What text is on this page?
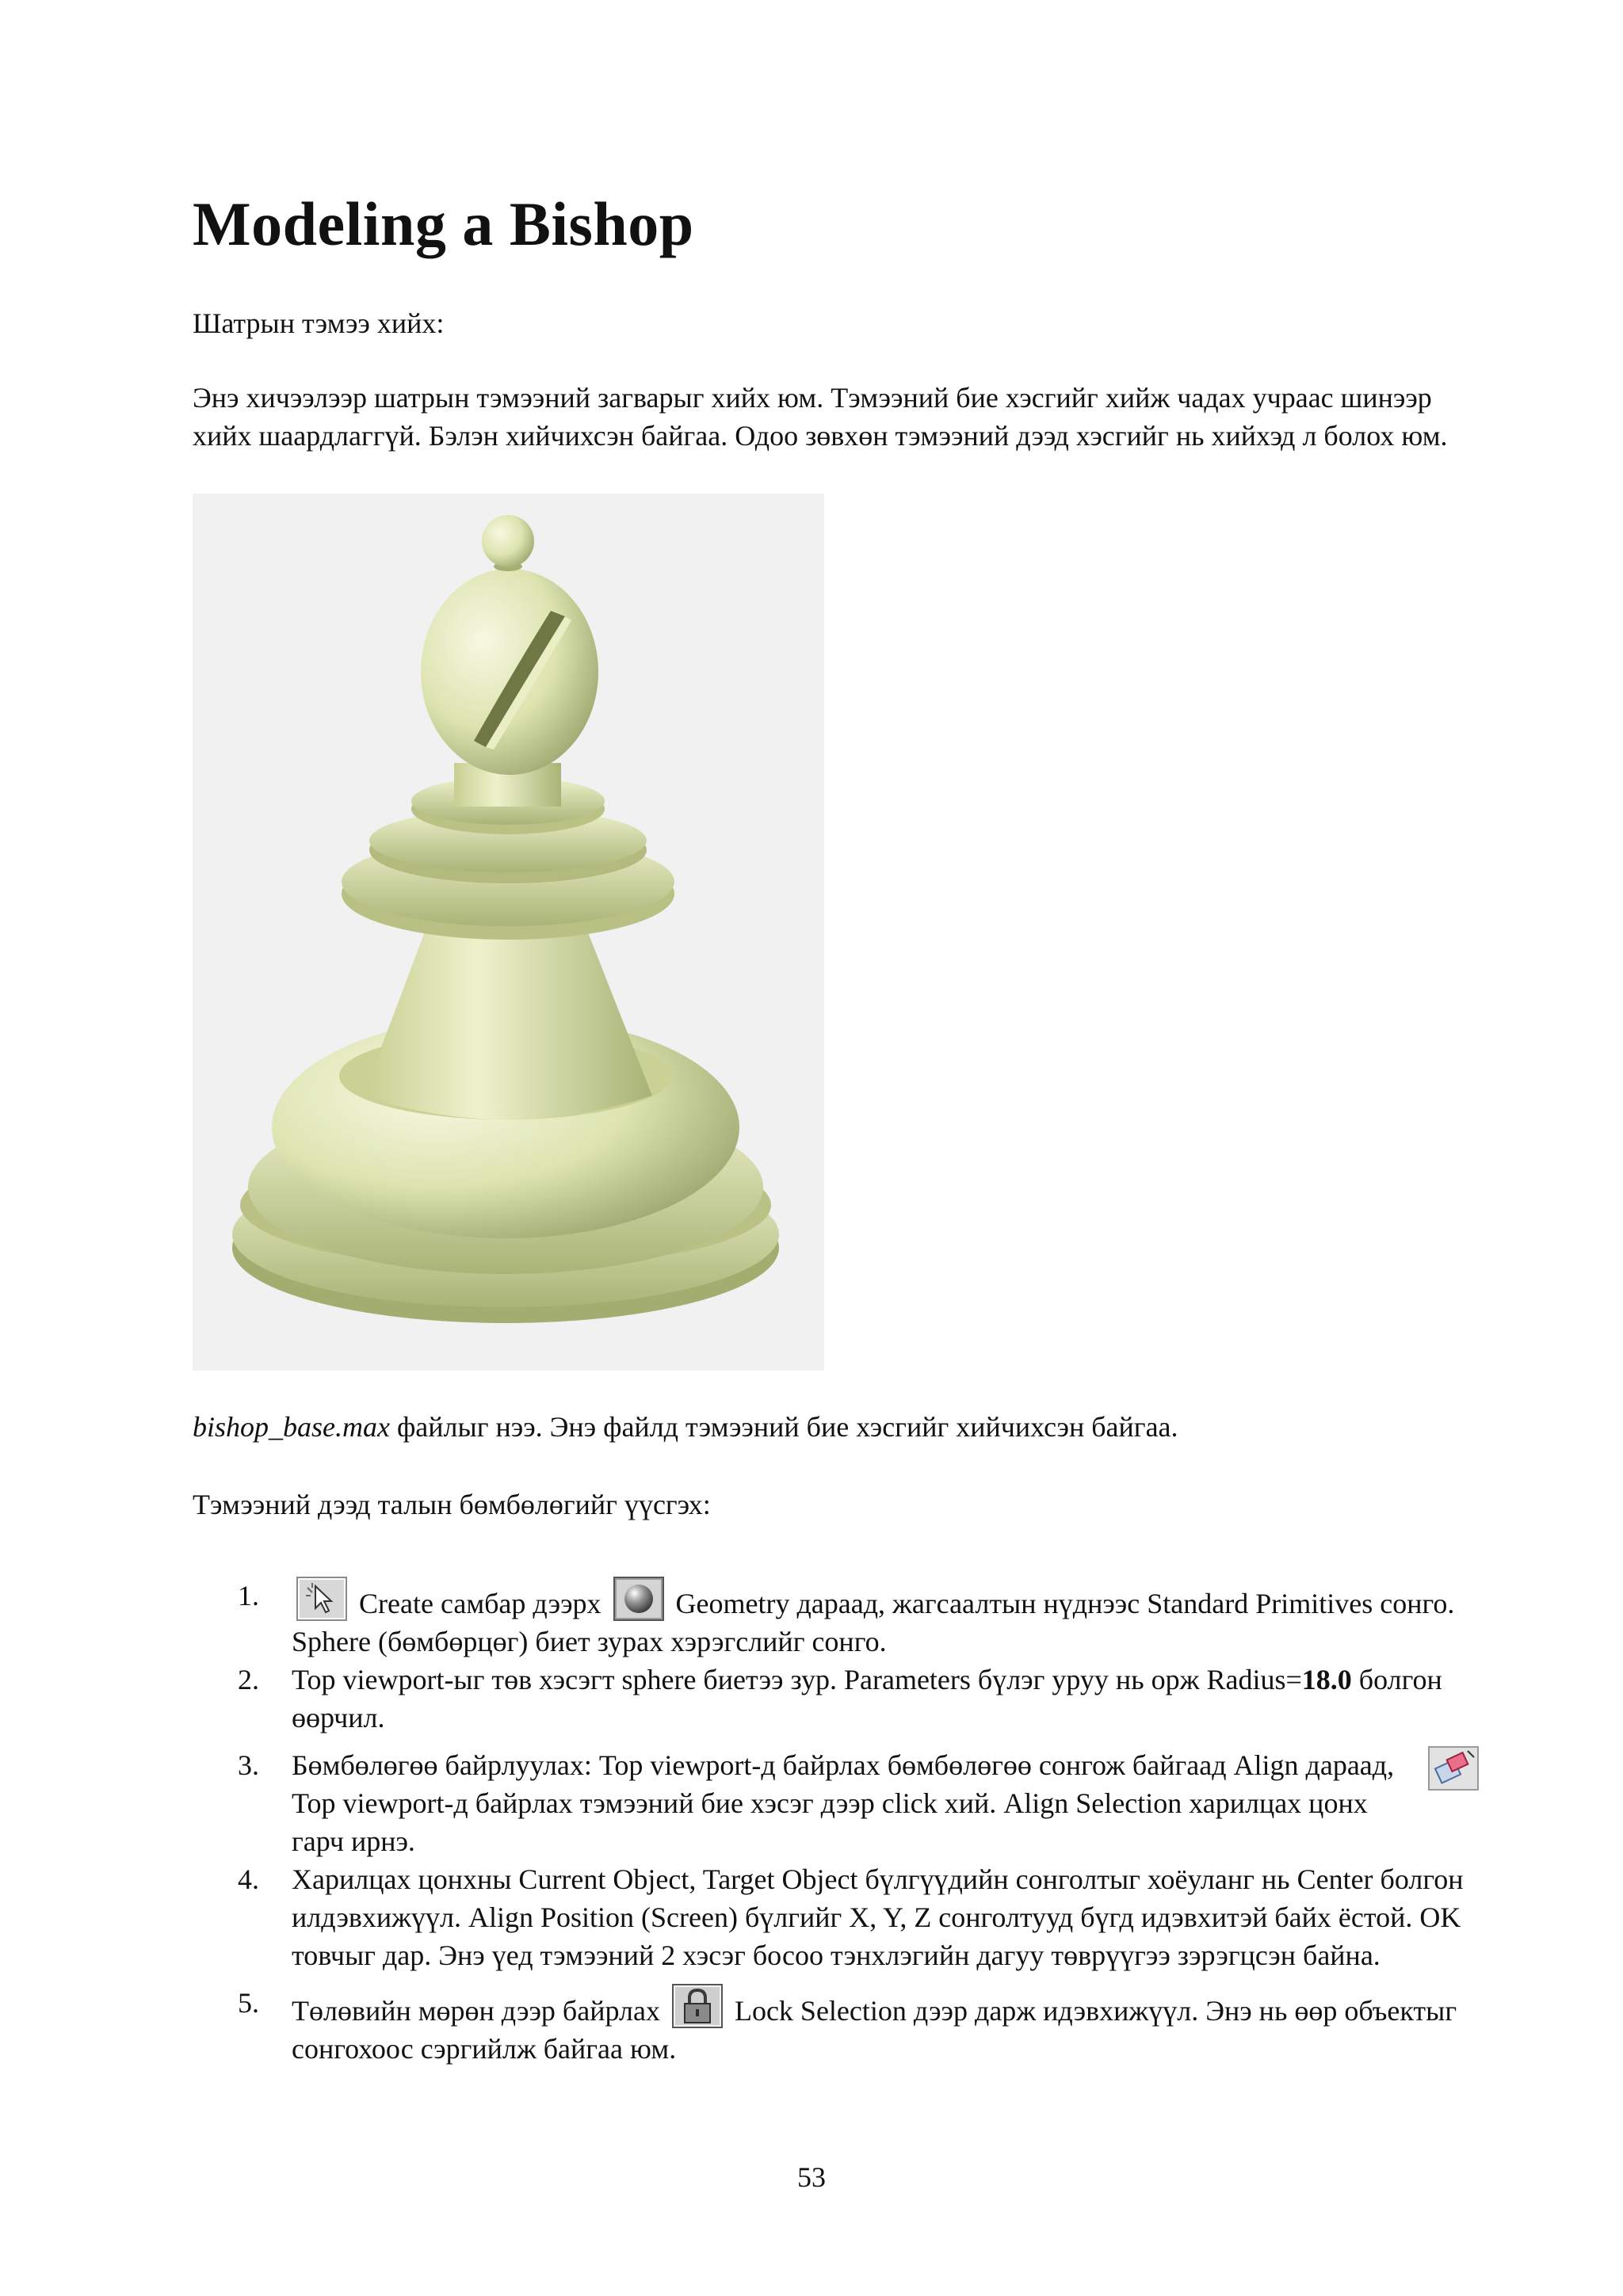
Modeling a Bishop
Шатрын тэмээ хийх:
Энэ хичээлээр шатрын тэмээний загварыг хийх юм. Тэмээний бие хэсгийг хийж чадах учраас шинээр хийх шаардлаггүй. Бэлэн хийчихсэн байгаа. Одоо зөвхөн тэмээний дээд хэсгийг нь хийхэд л болох юм.
bishop_base.max файлыг нээ. Энэ файлд тэмээний бие хэсгийг хийчихсэн байгаа.
Тэмээний дээд талын бөмбөлөгийг үүсгэх:
1.	Create самбар дээрх
Geometry дараад, жагсаалтын нүднээс Standard Primitives сонго. Sphere (бөмбөрцөг) биет зурах хэрэгслийг сонго.
2. Top viewport-ыг төв хэсэгт sphere биетээ зур. Parameters бүлэг уруу нь орж Radius=18.0 болгон өөрчил.
3. Бөмбөлөгөө байрлуулах: Top viewport-д байрлах бөмбөлөгөө сонгож байгаад Align дараад, Top viewport-д байрлах тэмээний бие хэсэг дээр click хий. Align Selection харилцах цонх гарч ирнэ.
4. Харилцах цонхны Current Object, Target Object бүлгүүдийн сонголтыг хоёуланг нь Center болгон илдэвхижүүл. Align Position (Screen) бүлгийг X, Y, Z сонголтууд бүгд идэвхитэй байх ёстой. OK товчыг дар. Энэ үед тэмээний 2 хэсэг босоо тэнхлэгийн дагуу төврүүгээ зэрэгцсэн байна.
5. Төлөвийн мөрөн дээр байрлах
Lock Selection дээр дарж идэвхижүүл. Энэ нь өөр объектыг сонгохоос сэргийлж байгаа юм.
53
